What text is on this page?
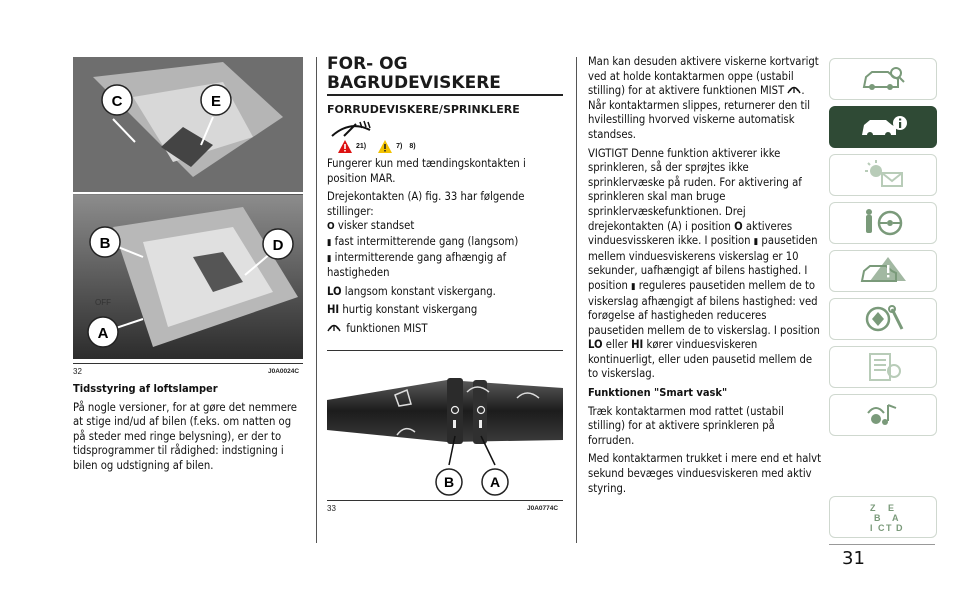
OFF
C	E
B	D
A
32	J0A0024C
Tidsstyring af loftslamper

På nogle versioner, for at gøre det nemmere at stige ind/ud af bilen (f.eks. om natten og på steder med ringe belysning), er der to tidsprogrammer til rådighed: indstigning i bilen og udstigning af bilen.

FOR- OG
BAGRUDEVISKERE
FORRUDEVISKERE/SPRINKLERE
21)	7) 8)

Fungerer kun med tændingskontakten i position MAR.

Drejekontakten (A) fig. 33 har følgende stillinger:

O visker standset
▮ fast intermitterende gang (langsom)
▮ intermitterende gang afhængig af hastigheden
LO langsom konstant viskergang.
HI hurtig konstant viskergang
funktionen MIST
B	A
33	J0A0774C

Man kan desuden aktivere viskerne kortvarigt ved at holde kontaktarmen oppe (ustabil stilling) for at aktivere funktionen MIST . Når kontaktarmen slippes, returnerer den til hvilestilling hvorved viskerne automatisk standses.

VIGTIGT Denne funktion aktiverer ikke sprinkleren, så der sprøjtes ikke sprinklervæske på ruden. For aktivering af sprinkleren skal man bruge sprinklervæskefunktionen. Drej drejekontakten (A) i position O aktiveres vinduesvisskeren ikke. I position ▮ pausetiden mellem vinduesviskerens viskerslag er 10 sekunder, uafhængigt af bilens hastighed. I position ▮ reguleres pausetiden mellem de to viskerslag afhængigt af bilens hastighed: ved forøgelse af hastigheden reduceres pausetiden mellem de to viskerslag. I position LO eller HI kører vinduesviskeren kontinuerligt, eller uden pausetid mellem de to viskerslag.

Funktionen "Smart vask"

Træk kontaktarmen mod rattet (ustabil stilling) for at aktivere sprinkleren på forruden.

Med kontaktarmen trukket i mere end et halvt sekund bevæges vinduesviskeren med aktiv styring.

31
Z E
B A
I C T D
